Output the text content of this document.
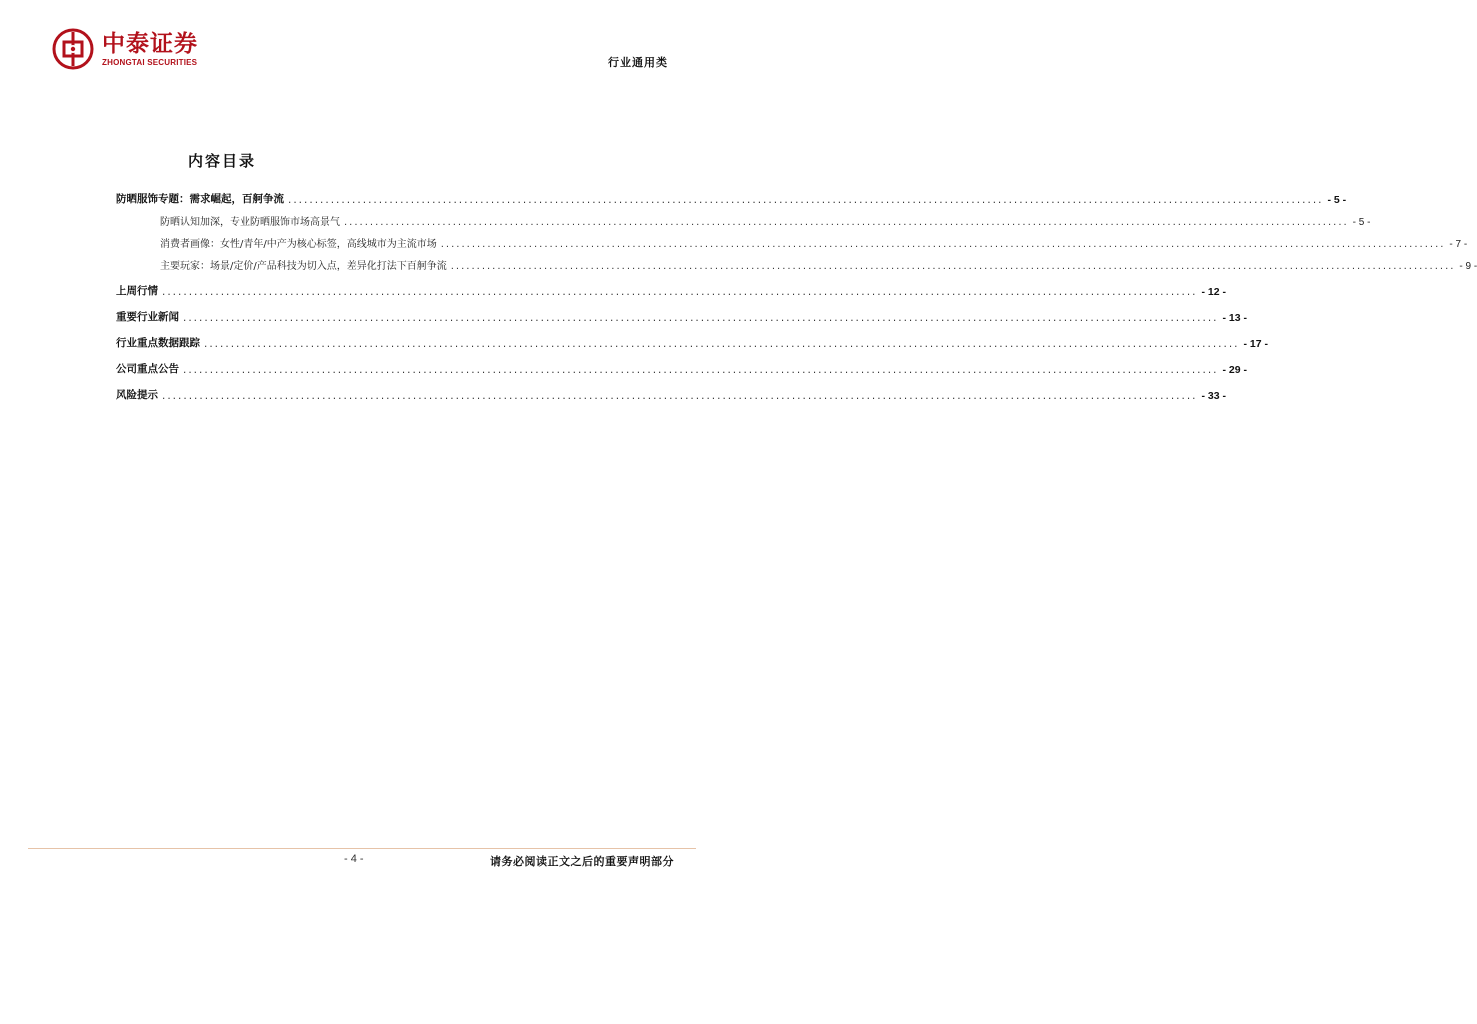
中泰证券
ZHONGTAI SECURITIES	行业通用类
内容目录
防晒服饰专题：需求崛起，百舸争流 .................................................................................................................................................................................................. - 5 -
防晒认知加深，专业防晒服饰市场高景气 .................................................................................................................................................................................................. - 5 -
消费者画像：女性/青年/中产为核心标签，高线城市为主流市场 .................................................................................................................................................................................................. - 7 -
主要玩家：场景/定价/产品科技为切入点，差异化打法下百舸争流 .................................................................................................................................................................................................. - 9 -
上周行情 .................................................................................................................................................................................................. - 12 -
重要行业新闻 .................................................................................................................................................................................................. - 13 -
行业重点数据跟踪 .................................................................................................................................................................................................. - 17 -
公司重点公告 .................................................................................................................................................................................................. - 29 -
风险提示 .................................................................................................................................................................................................. - 33 -
- 4 -	请务必阅读正文之后的重要声明部分
